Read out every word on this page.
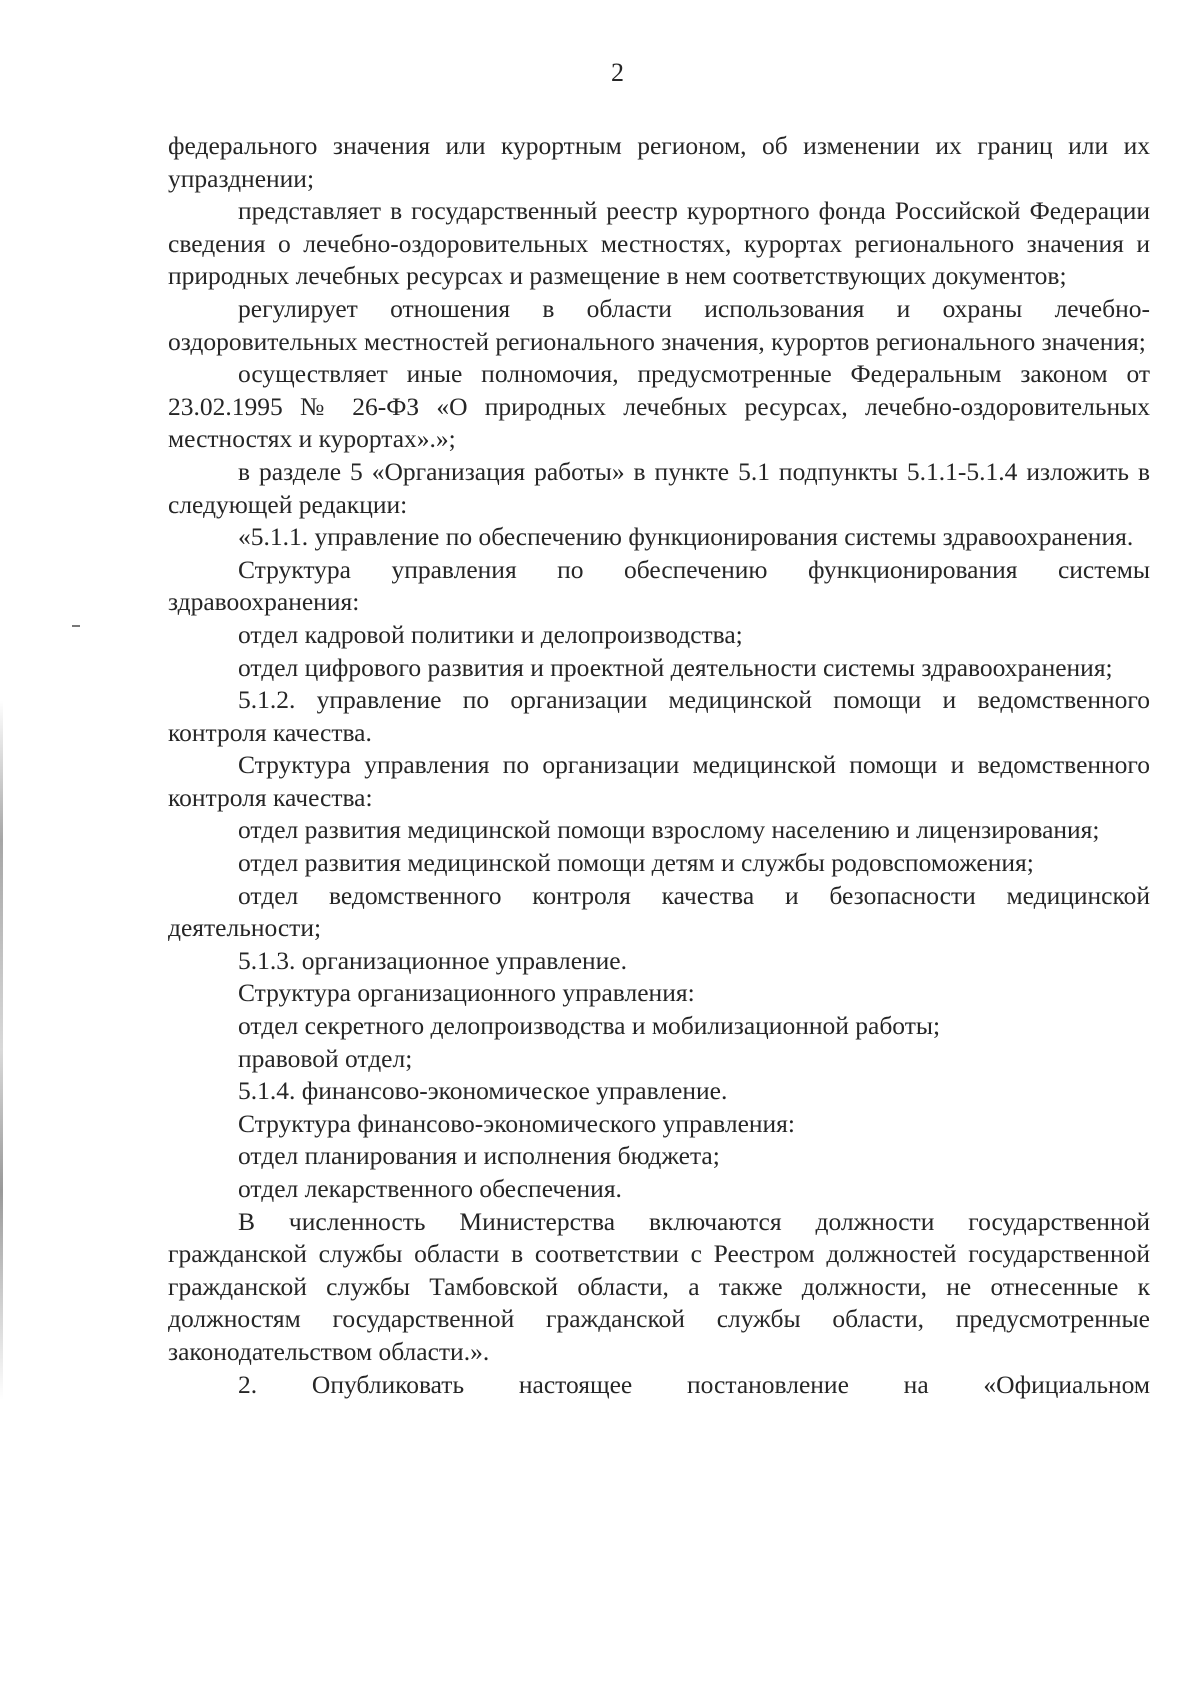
2

федерального значения или курортным регионом, об изменении их границ или их упразднении;

представляет в государственный реестр курортного фонда Российской Федерации сведения о лечебно-оздоровительных местностях, курортах регионального значения и природных лечебных ресурсах и размещение в нем соответствующих документов;

регулирует отношения в области использования и охраны лечебно-оздоровительных местностей регионального значения, курортов регионального значения;

осуществляет иные полномочия, предусмотренные Федеральным законом от 23.02.1995 № 26-ФЗ «О природных лечебных ресурсах, лечебно-оздоровительных местностях и курортах».»;

в разделе 5 «Организация работы» в пункте 5.1 подпункты 5.1.1-5.1.4 изложить в следующей редакции:

«5.1.1. управление по обеспечению функционирования системы здравоохранения.

Структура управления по обеспечению функционирования системы здравоохранения:

отдел кадровой политики и делопроизводства;

отдел цифрового развития и проектной деятельности системы здравоохранения;

5.1.2. управление по организации медицинской помощи и ведомственного контроля качества.

Структура управления по организации медицинской помощи и ведомственного контроля качества:

отдел развития медицинской помощи взрослому населению и лицензирования;

отдел развития медицинской помощи детям и службы родовспоможения;

отдел ведомственного контроля качества и безопасности медицинской деятельности;

5.1.3. организационное управление.

Структура организационного управления:

отдел секретного делопроизводства и мобилизационной работы;

правовой отдел;

5.1.4. финансово-экономическое управление.

Структура финансово-экономического управления:

отдел планирования и исполнения бюджета;

отдел лекарственного обеспечения.

В численность Министерства включаются должности государственной гражданской службы области в соответствии с Реестром должностей государственной гражданской службы Тамбовской области, а также должности, не отнесенные к должностям государственной гражданской службы области, предусмотренные законодательством области.».

2. Опубликовать настоящее постановление на «Официальном
